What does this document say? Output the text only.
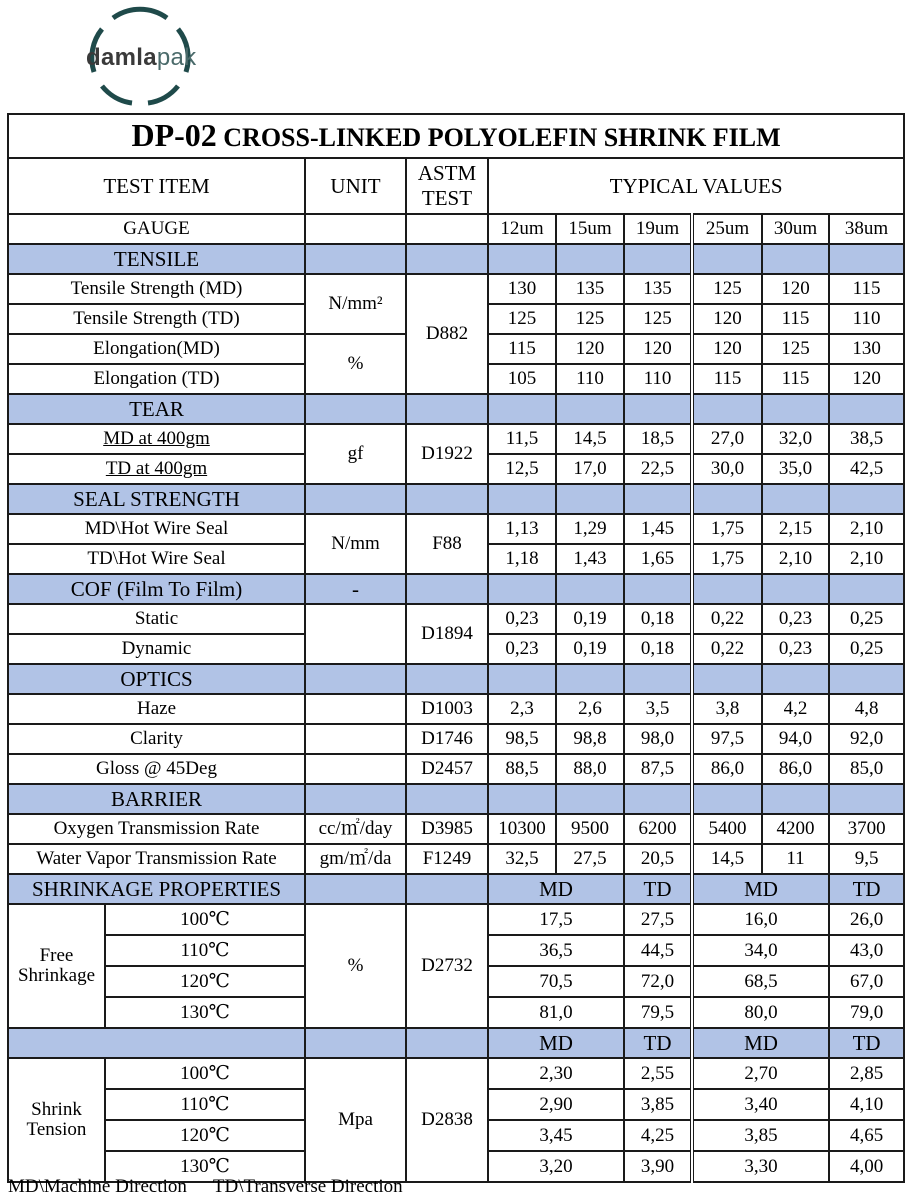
damlapak
DP-02 CROSS-LINKED POLYOLEFIN SHRINK FILM									
TEST ITEM		UNIT	ASTM
TEST	TYPICAL VALUES					
GAUGE				12um	15um	19um	25um	30um	38um
TENSILE									
Tensile Strength (MD)		N/mm²	D882	130	135	135	125	120	115
Tensile Strength (TD)				125	125	125	120	115	110
Elongation(MD)		%		115	120	120	120	125	130
Elongation (TD)				105	110	110	115	115	120
TEAR									
MD at 400gm		gf	D1922	11,5	14,5	18,5	27,0	32,0	38,5
TD at 400gm				12,5	17,0	22,5	30,0	35,0	42,5
SEAL STRENGTH									
MD\Hot Wire Seal		N/mm	F88	1,13	1,29	1,45	1,75	2,15	2,10
TD\Hot Wire Seal				1,18	1,43	1,65	1,75	2,10	2,10
COF (Film To Film)		-							
Static			D1894	0,23	0,19	0,18	0,22	0,23	0,25
Dynamic				0,23	0,19	0,18	0,22	0,23	0,25
OPTICS									
Haze			D1003	2,3	2,6	3,5	3,8	4,2	4,8
Clarity			D1746	98,5	98,8	98,0	97,5	94,0	92,0
Gloss @ 45Deg			D2457	88,5	88,0	87,5	86,0	86,0	85,0
BARRIER									
Oxygen Transmission Rate		cc/㎡/day	D3985	10300	9500	6200	5400	4200	3700
Water Vapor Transmission Rate		gm/㎡/da	F1249	32,5	27,5	20,5	14,5	11	9,5
SHRINKAGE PROPERTIES				MD		TD	MD		TD
Free
Shrinkage	100℃	%	D2732	17,5		27,5	16,0		26,0
	110℃			36,5		44,5	34,0		43,0
	120℃			70,5		72,0	68,5		67,0
	130℃			81,0		79,5	80,0		79,0
				MD		TD	MD		TD
Shrink
Tension	100℃	Mpa	D2838	2,30		2,55	2,70		2,85
	110℃			2,90		3,85	3,40		4,10
	120℃			3,45		4,25	3,85		4,65
	130℃			3,20		3,90	3,30		4,00
MD\Machine Direction TD\Transverse Direction
